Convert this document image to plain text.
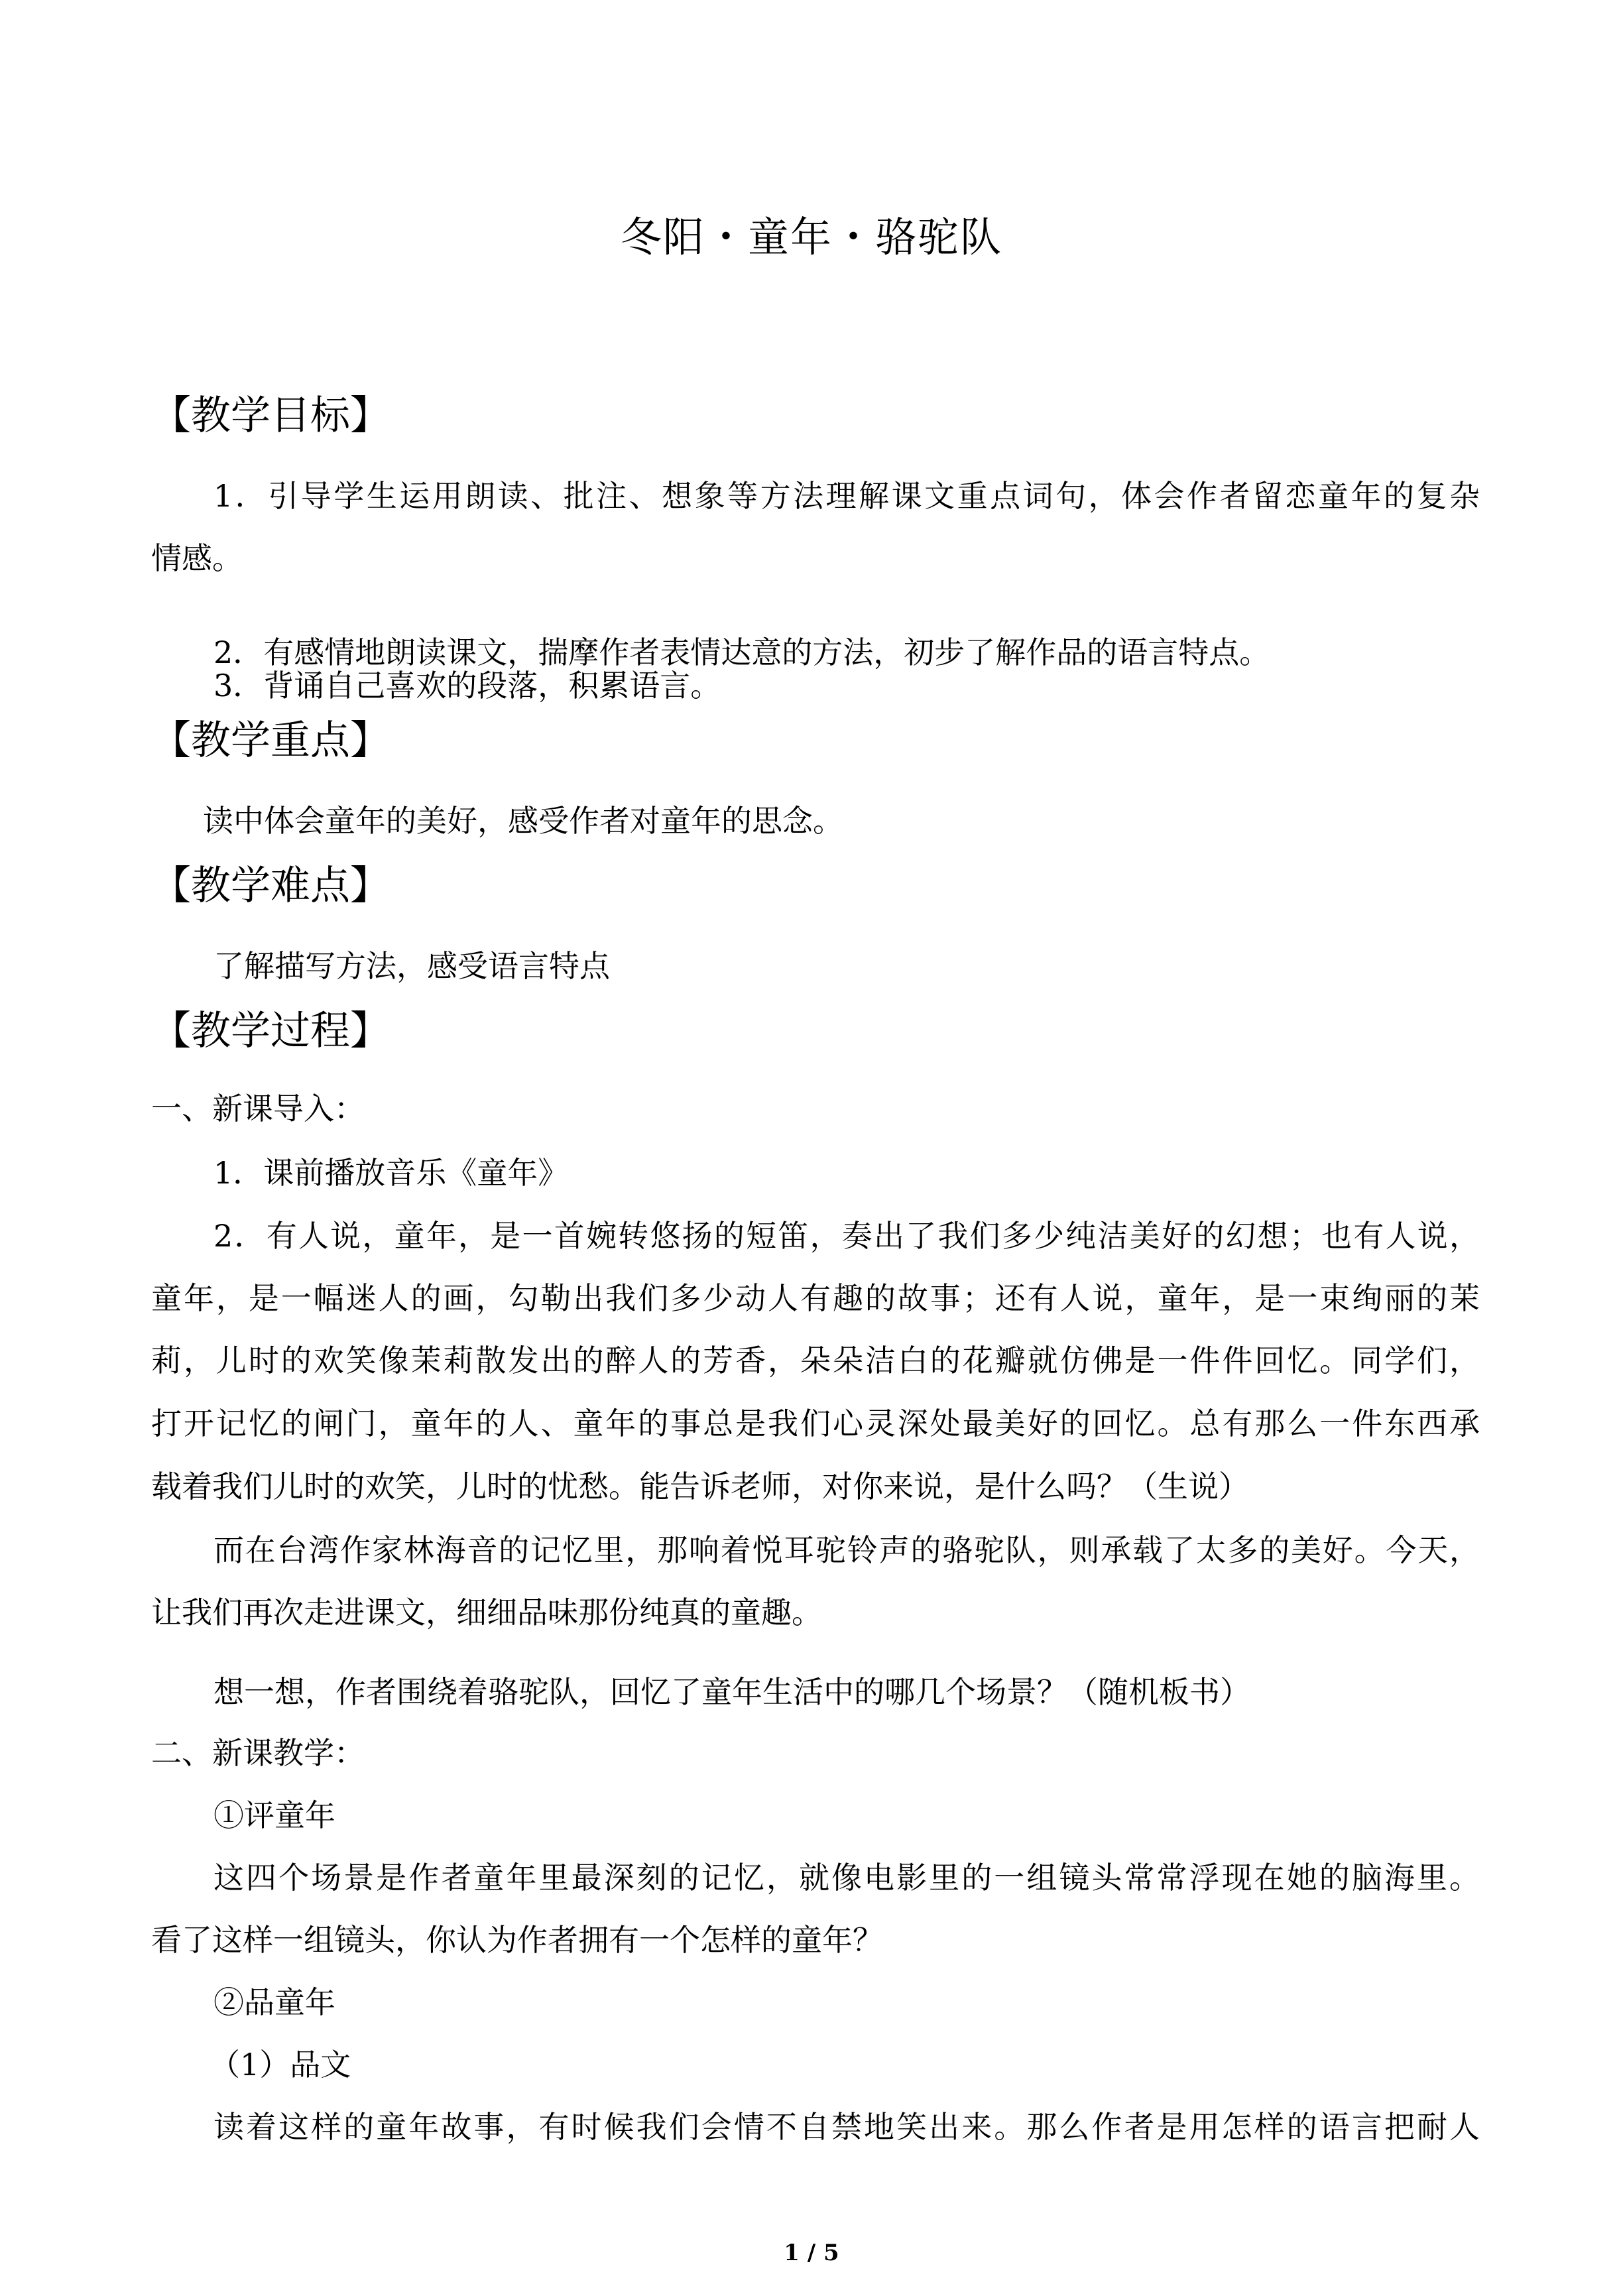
冬阳・童年・骆驼队
【教学目标】
1．引导学生运用朗读、批注、想象等方法理解课文重点词句，体会作者留恋童年的复杂
情感。
2．有感情地朗读课文，揣摩作者表情达意的方法，初步了解作品的语言特点。
3．背诵自己喜欢的段落，积累语言。
【教学重点】
读中体会童年的美好，感受作者对童年的思念。
【教学难点】
了解描写方法，感受语言特点
【教学过程】
一、新课导入：
1．课前播放音乐《童年》
2．有人说，童年，是一首婉转悠扬的短笛，奏出了我们多少纯洁美好的幻想；也有人说，
童年，是一幅迷人的画，勾勒出我们多少动人有趣的故事；还有人说，童年，是一束绚丽的茉
莉，儿时的欢笑像茉莉散发出的醉人的芳香，朵朵洁白的花瓣就仿佛是一件件回忆。同学们，
打开记忆的闸门，童年的人、童年的事总是我们心灵深处最美好的回忆。总有那么一件东西承
载着我们儿时的欢笑，儿时的忧愁。能告诉老师，对你来说，是什么吗？（生说）
而在台湾作家林海音的记忆里，那响着悦耳驼铃声的骆驼队，则承载了太多的美好。今天，
让我们再次走进课文，细细品味那份纯真的童趣。
想一想，作者围绕着骆驼队，回忆了童年生活中的哪几个场景？（随机板书）
二、新课教学：
①评童年
这四个场景是作者童年里最深刻的记忆，就像电影里的一组镜头常常浮现在她的脑海里。
看了这样一组镜头，你认为作者拥有一个怎样的童年？
②品童年
（1）品文
读着这样的童年故事，有时候我们会情不自禁地笑出来。那么作者是用怎样的语言把耐人
1 / 5
